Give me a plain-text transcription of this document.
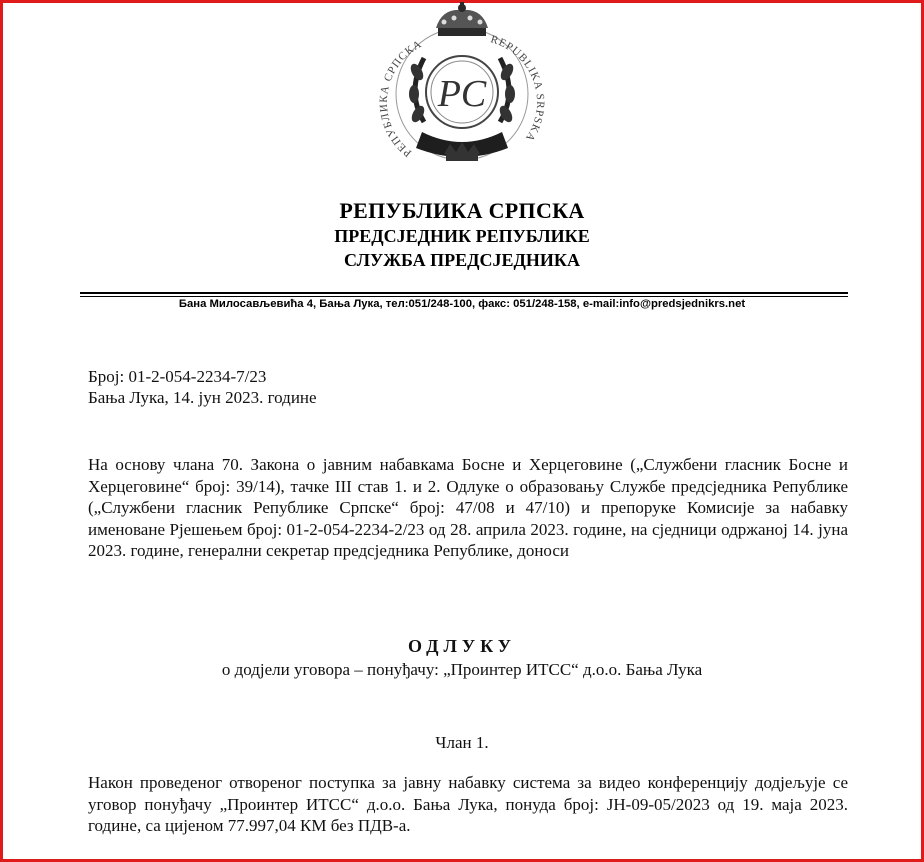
РЕПУБЛИКА СРПСКА	REPUBLIKA SRPSKA
РС
РЕПУБЛИКА СРПСКА
ПРЕДСЈЕДНИК РЕПУБЛИКЕ
СЛУЖБА ПРЕДСЈЕДНИКА
Бана Милосављевића 4, Бања Лука, тел:051/248-100, факс: 051/248-158, e-mail:info@predsjednikrs.net
Број: 01-2-054-2234-7/23
Бања Лука, 14. јун 2023. године
На основу члана 70. Закона о јавним набавкама Босне и Херцеговине („Службени гласник Босне и Херцеговине“ број: 39/14), тачке III став 1. и 2. Одлуке о образовању Службе предсједника Републике („Службени гласник Републике Српске“ број: 47/08 и 47/10) и препоруке Комисије за набавку именоване Рјешењем број: 01-2-054-2234-2/23 од 28. априла 2023. године, на сједници одржаној 14. јуна 2023. године, генерални секретар предсједника Републике, доноси
ОДЛУКУ
о додјели уговора – понуђачу: „Проинтер ИТСС“ д.о.о. Бања Лука
Члан 1.
Након проведеног отвореног поступка за јавну набавку система за видео конференцију додјељује се уговор понуђачу „Проинтер ИТСС“ д.о.о. Бања Лука, понуда број: ЈН-09-05/2023 од 19. маја 2023. године, са цијеном 77.997,04 КМ без ПДВ-а.
